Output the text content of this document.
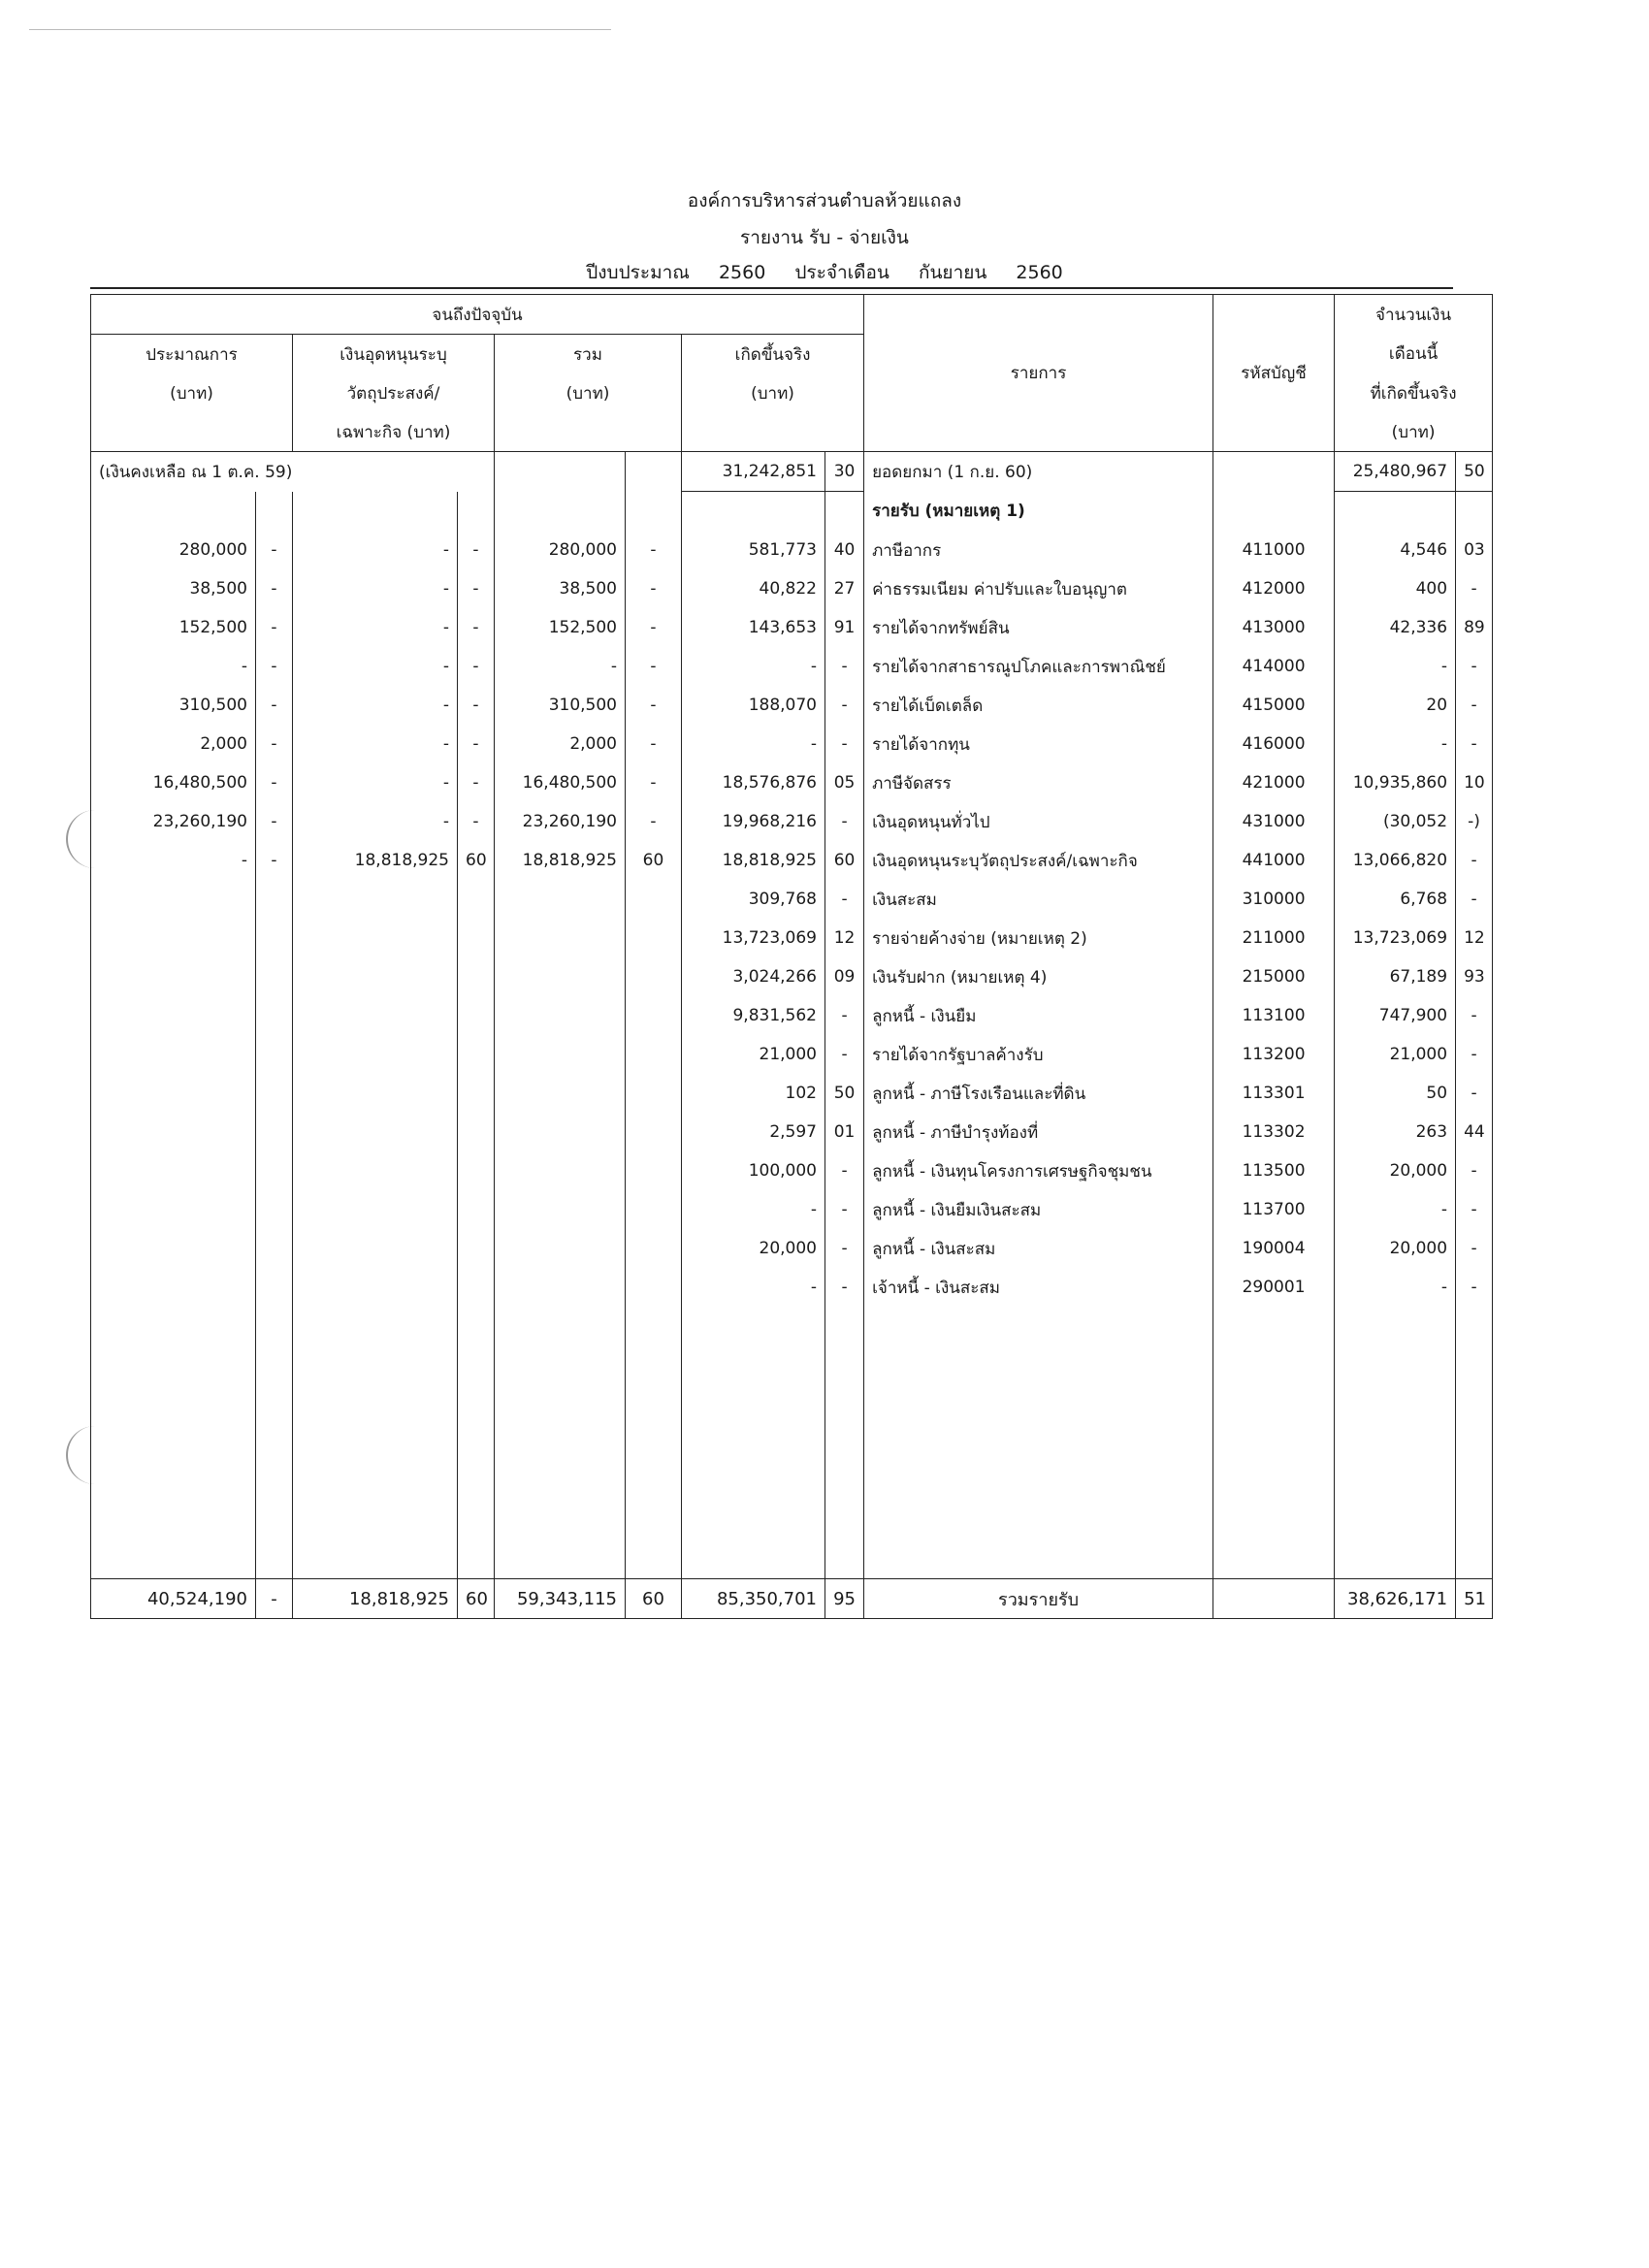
องค์การบริหารส่วนตำบลห้วยแถลง
รายงาน รับ - จ่ายเงิน
ปีงบประมาณ 2560 ประจำเดือน กันยายน 2560
จนถึงปัจจุบัน								รายการ	รหัสบัญชี	จำนวนเงิน	
ประมาณการ		เงินอุดหนุนระบุ		รวม		เกิดขึ้นจริง				เดือนนี้	
(บาท)		วัตถุประสงค์/		(บาท)		(บาท)				ที่เกิดขึ้นจริง	
		เฉพาะกิจ (บาท)								(บาท)	
(เงินคงเหลือ ณ 1 ต.ค. 59)						31,242,851	30	ยอดยกมา (1 ก.ย. 60)		25,480,967	50
								รายรับ (หมายเหตุ 1)			
280,000	-	-	-	280,000	-	581,773	40	ภาษีอากร	411000	4,546	03
38,500	-	-	-	38,500	-	40,822	27	ค่าธรรมเนียม ค่าปรับและใบอนุญาต	412000	400	-
152,500	-	-	-	152,500	-	143,653	91	รายได้จากทรัพย์สิน	413000	42,336	89
-	-	-	-	-	-	-	-	รายได้จากสาธารณูปโภคและการพาณิชย์	414000	-	-
310,500	-	-	-	310,500	-	188,070	-	รายได้เบ็ดเตล็ด	415000	20	-
2,000	-	-	-	2,000	-	-	-	รายได้จากทุน	416000	-	-
16,480,500	-	-	-	16,480,500	-	18,576,876	05	ภาษีจัดสรร	421000	10,935,860	10
23,260,190	-	-	-	23,260,190	-	19,968,216	-	เงินอุดหนุนทั่วไป	431000	(30,052	-)
-	-	18,818,925	60	18,818,925	60	18,818,925	60	เงินอุดหนุนระบุวัตถุประสงค์/เฉพาะกิจ	441000	13,066,820	-
						309,768	-	เงินสะสม	310000	6,768	-
						13,723,069	12	รายจ่ายค้างจ่าย (หมายเหตุ 2)	211000	13,723,069	12
						3,024,266	09	เงินรับฝาก (หมายเหตุ 4)	215000	67,189	93
						9,831,562	-	ลูกหนี้ - เงินยืม	113100	747,900	-
						21,000	-	รายได้จากรัฐบาลค้างรับ	113200	21,000	-
						102	50	ลูกหนี้ - ภาษีโรงเรือนและที่ดิน	113301	50	-
						2,597	01	ลูกหนี้ - ภาษีบำรุงท้องที่	113302	263	44
						100,000	-	ลูกหนี้ - เงินทุนโครงการเศรษฐกิจชุมชน	113500	20,000	-
						-	-	ลูกหนี้ - เงินยืมเงินสะสม	113700	-	-
						20,000	-	ลูกหนี้ - เงินสะสม	190004	20,000	-
						-	-	เจ้าหนี้ - เงินสะสม	290001	-	-

40,524,190	-	18,818,925	60	59,343,115	60	85,350,701	95	รวมรายรับ		38,626,171	51
